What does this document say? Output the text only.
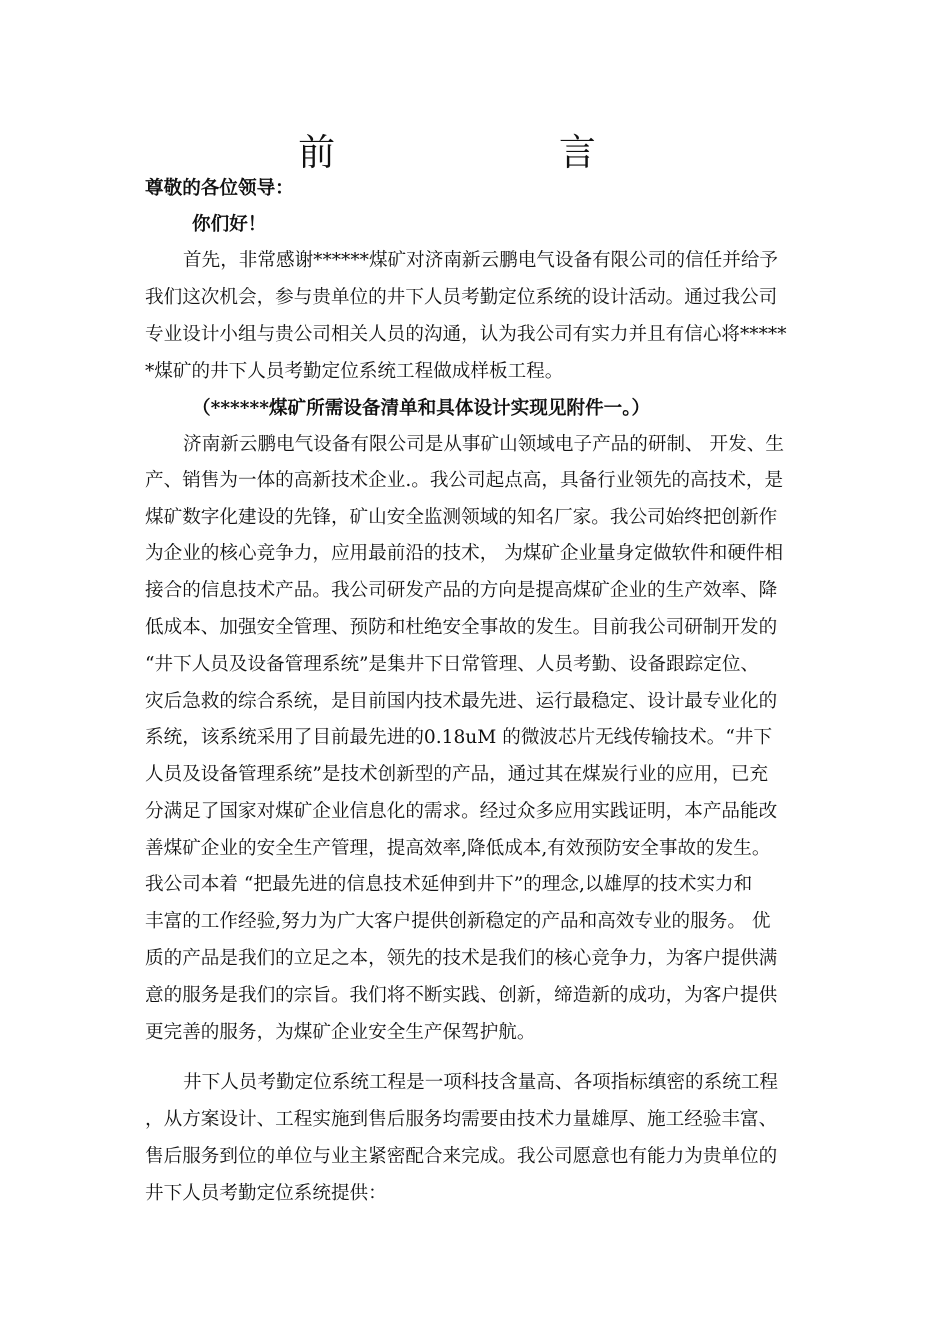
前 言

尊敬的各位领导：

你们好！

首先，非常感谢******煤矿对济南新云鹏电气设备有限公司的信任并给予

我们这次机会，参与贵单位的井下人员考勤定位系统的设计活动。通过我公司

专业设计小组与贵公司相关人员的沟通，认为我公司有实力并且有信心将*****

*煤矿的井下人员考勤定位系统工程做成样板工程。

（******煤矿所需设备清单和具体设计实现见附件一。）

济南新云鹏电气设备有限公司是从事矿山领域电子产品的研制、 开发、生

产、销售为一体的高新技术企业.。我公司起点高，具备行业领先的高技术，是

煤矿数字化建设的先锋，矿山安全监测领域的知名厂家。我公司始终把创新作

为企业的核心竞争力，应用最前沿的技术， 为煤矿企业量身定做软件和硬件相

接合的信息技术产品。我公司研发产品的方向是提高煤矿企业的生产效率、降

低成本、加强安全管理、预防和杜绝安全事故的发生。目前我公司研制开发的

“井下人员及设备管理系统”是集井下日常管理、人员考勤、设备跟踪定位、

灾后急救的综合系统，是目前国内技术最先进、运行最稳定、设计最专业化的

系统，该系统采用了目前最先进的0.18uM 的微波芯片无线传输技术。“井下

人员及设备管理系统”是技术创新型的产品，通过其在煤炭行业的应用，已充

分满足了国家对煤矿企业信息化的需求。经过众多应用实践证明，本产品能改

善煤矿企业的安全生产管理，提高效率,降低成本,有效预防安全事故的发生。

我公司本着 “把最先进的信息技术延伸到井下”的理念,以雄厚的技术实力和

丰富的工作经验,努力为广大客户提供创新稳定的产品和高效专业的服务。 优

质的产品是我们的立足之本，领先的技术是我们的核心竞争力，为客户提供满

意的服务是我们的宗旨。我们将不断实践、创新，缔造新的成功，为客户提供

更完善的服务，为煤矿企业安全生产保驾护航。

井下人员考勤定位系统工程是一项科技含量高、各项指标缜密的系统工程

，从方案设计、工程实施到售后服务均需要由技术力量雄厚、施工经验丰富、

售后服务到位的单位与业主紧密配合来完成。我公司愿意也有能力为贵单位的

井下人员考勤定位系统提供：
